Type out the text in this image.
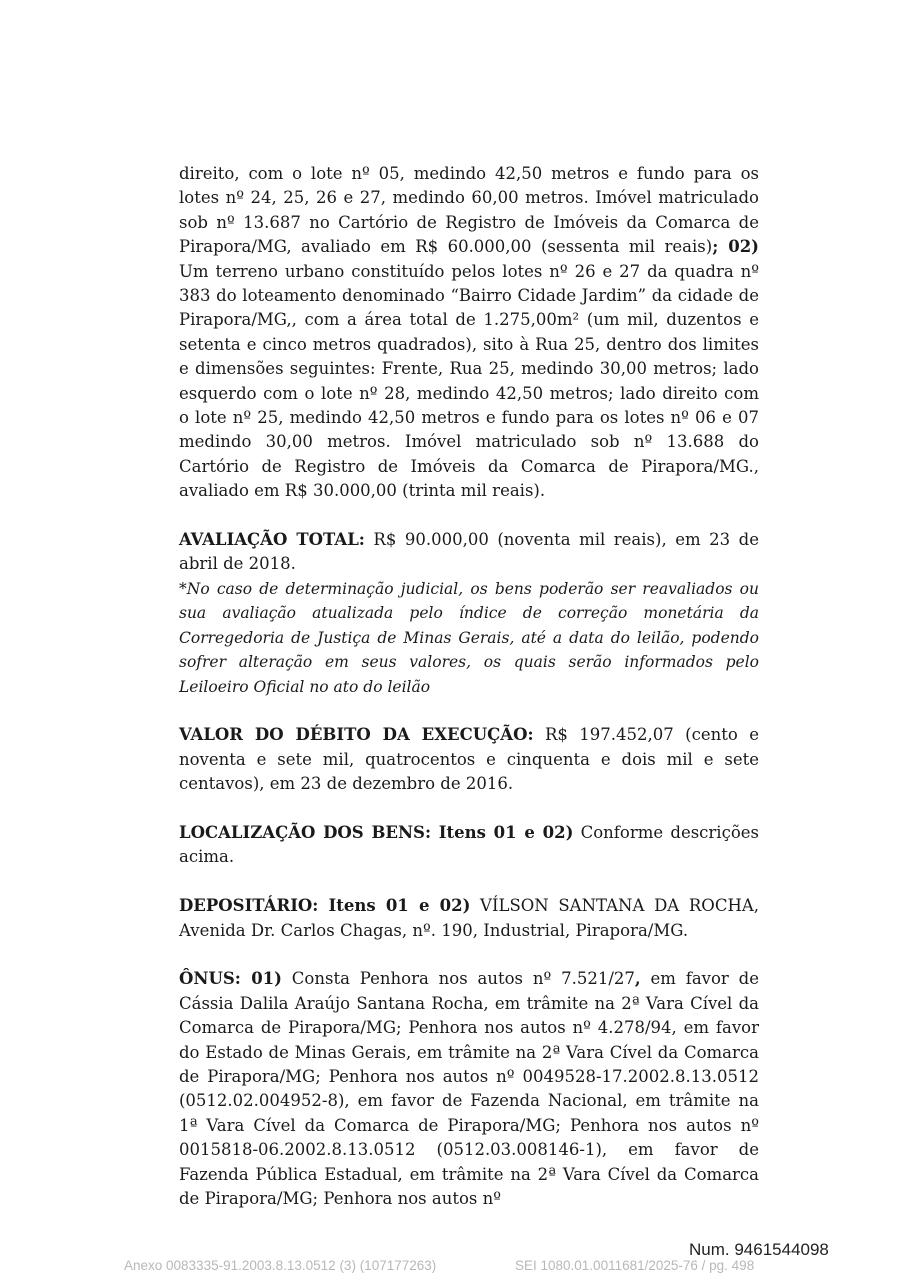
direito, com o lote nº 05, medindo 42,50 metros e fundo para os lotes nº 24, 25, 26 e 27, medindo 60,00 metros. Imóvel matriculado sob nº 13.687 no Cartório de Registro de Imóveis da Comarca de Pirapora/MG, avaliado em R$ 60.000,00 (sessenta mil reais); 02) Um terreno urbano constituído pelos lotes nº 26 e 27 da quadra nº 383 do loteamento denominado “Bairro Cidade Jardim” da cidade de Pirapora/MG,, com a área total de 1.275,00m² (um mil, duzentos e setenta e cinco metros quadrados), sito à Rua 25, dentro dos limites e dimensões seguintes: Frente, Rua 25, medindo 30,00 metros; lado esquerdo com o lote nº 28, medindo 42,50 metros; lado direito com o lote nº 25, medindo 42,50 metros e fundo para os lotes nº 06 e 07 medindo 30,00 metros. Imóvel matriculado sob nº 13.688 do Cartório de Registro de Imóveis da Comarca de Pirapora/MG., avaliado em R$ 30.000,00 (trinta mil reais).

AVALIAÇÃO TOTAL: R$ 90.000,00 (noventa mil reais), em 23 de abril de 2018.

*No caso de determinação judicial, os bens poderão ser reavaliados ou sua avaliação atualizada pelo índice de correção monetária da Corregedoria de Justiça de Minas Gerais, até a data do leilão, podendo sofrer alteração em seus valores, os quais serão informados pelo Leiloeiro Oficial no ato do leilão

VALOR DO DÉBITO DA EXECUÇÃO: R$ 197.452,07 (cento e noventa e sete mil, quatrocentos e cinquenta e dois mil e sete centavos), em 23 de dezembro de 2016.

LOCALIZAÇÃO DOS BENS: Itens 01 e 02) Conforme descrições acima.

DEPOSITÁRIO: Itens 01 e 02) VÍLSON SANTANA DA ROCHA, Avenida Dr. Carlos Chagas, nº. 190, Industrial, Pirapora/MG.

ÔNUS: 01) Consta Penhora nos autos nº 7.521/27, em favor de Cássia Dalila Araújo Santana Rocha, em trâmite na 2ª Vara Cível da Comarca de Pirapora/MG; Penhora nos autos nº 4.278/94, em favor do Estado de Minas Gerais, em trâmite na 2ª Vara Cível da Comarca de Pirapora/MG; Penhora nos autos nº 0049528-17.2002.8.13.0512 (0512.02.004952-8), em favor de Fazenda Nacional, em trâmite na 1ª Vara Cível da Comarca de Pirapora/MG; Penhora nos autos nº 0015818-06.2002.8.13.0512 (0512.03.008146-1), em favor de Fazenda Pública Estadual, em trâmite na 2ª Vara Cível da Comarca de Pirapora/MG; Penhora nos autos nº

Num. 9461544098
Anexo 0083335-91.2003.8.13.0512 (3) (107177263)	SEI 1080.01.0011681/2025-76 / pg. 498
